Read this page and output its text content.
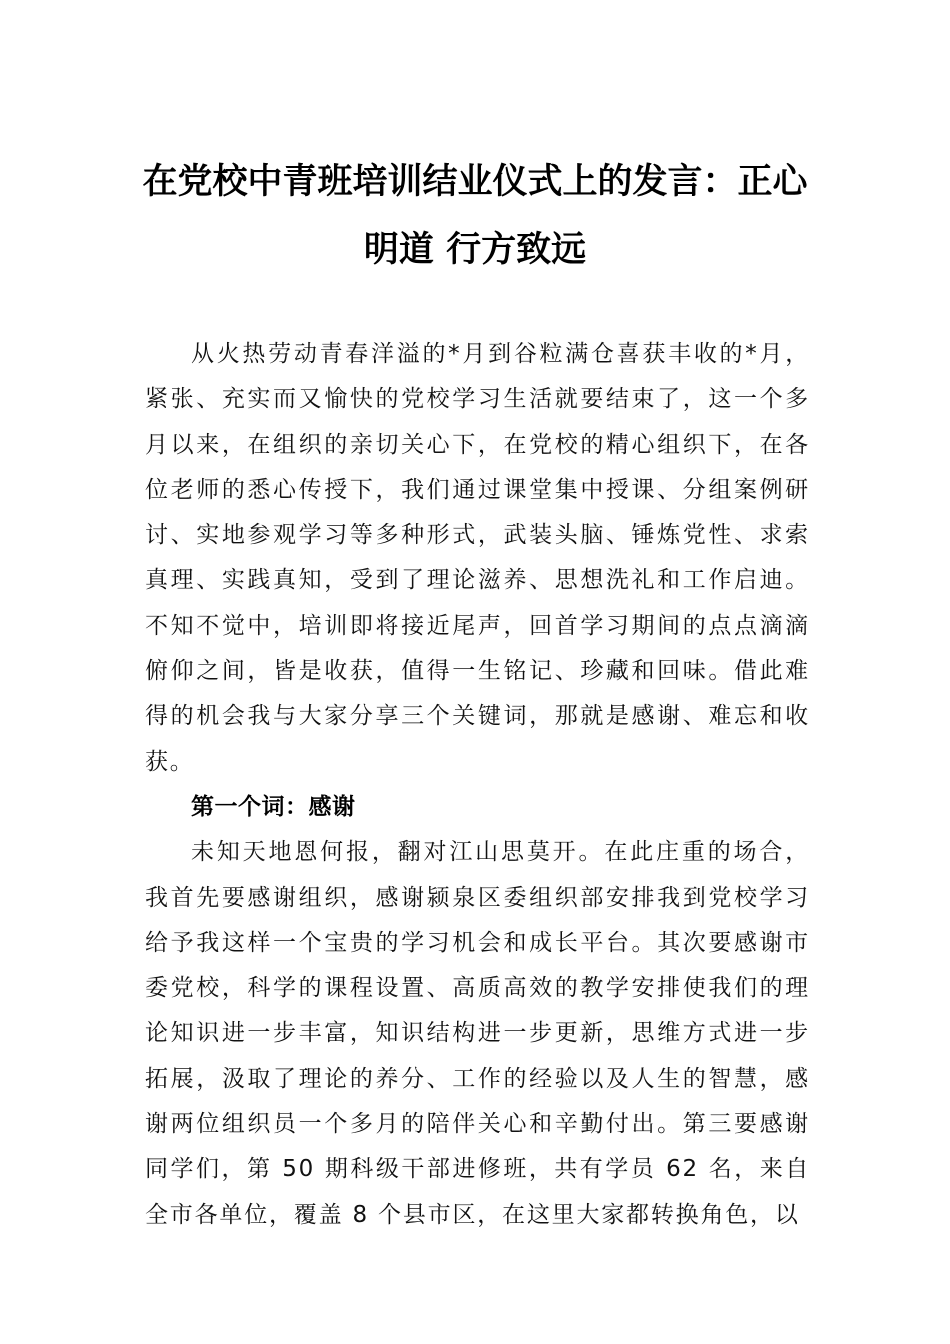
在党校中青班培训结业仪式上的发言：正心明道 行方致远

从火热劳动青春洋溢的*月到谷粒满仓喜获丰收的*月，紧张、充实而又愉快的党校学习生活就要结束了，这一个多月以来，在组织的亲切关心下，在党校的精心组织下，在各位老师的悉心传授下，我们通过课堂集中授课、分组案例研讨、实地参观学习等多种形式，武装头脑、锤炼党性、求索真理、实践真知，受到了理论滋养、思想洗礼和工作启迪。不知不觉中，培训即将接近尾声，回首学习期间的点点滴滴俯仰之间，皆是收获，值得一生铭记、珍藏和回味。借此难得的机会我与大家分享三个关键词，那就是感谢、难忘和收获。

第一个词：感谢

未知天地恩何报，翻对江山思莫开。在此庄重的场合，我首先要感谢组织，感谢颍泉区委组织部安排我到党校学习给予我这样一个宝贵的学习机会和成长平台。其次要感谢市委党校，科学的课程设置、高质高效的教学安排使我们的理论知识进一步丰富，知识结构进一步更新，思维方式进一步拓展，汲取了理论的养分、工作的经验以及人生的智慧，感谢两位组织员一个多月的陪伴关心和辛勤付出。第三要感谢同学们，第 50 期科级干部进修班，共有学员 62 名，来自全市各单位，覆盖 8 个县市区，在这里大家都转换角色，以
